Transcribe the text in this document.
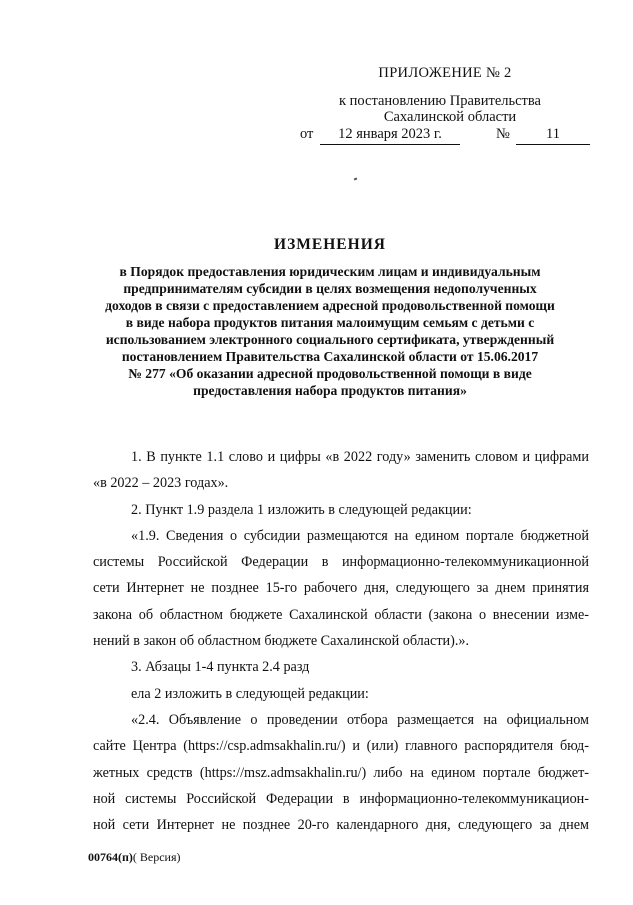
ПРИЛОЖЕНИЕ № 2
к постановлению Правительства
Сахалинской области
от	12 января 2023 г.	№	11
ИЗМЕНЕНИЯ
в Порядок предоставления юридическим лицам и индивидуальным
предпринимателям субсидии в целях возмещения недополученных
доходов в связи с предоставлением адресной продовольственной помощи
в виде набора продуктов питания малоимущим семьям с детьми с
использованием электронного социального сертификата, утвержденный
постановлением Правительства Сахалинской области от 15.06.2017
№ 277 «Об оказании адресной продовольственной помощи в виде
предоставления набора продуктов питания»

1. В пункте 1.1 слово и цифры «в 2022 году» заменить словом и цифрами

«в 2022 – 2023 годах».

2. Пункт 1.9 раздела 1 изложить в следующей редакции:

«1.9. Сведения о субсидии размещаются на едином портале бюджетной

системы Российской Федерации в информационно-телекоммуникационной

сети Интернет не позднее 15-го рабочего дня, следующего за днем принятия

закона об областном бюджете Сахалинской области (закона о внесении изме-

нений в закон об областном бюджете Сахалинской области).».

3. Абзацы 1-4 пункта 2.4 разд

ела 2 изложить в следующей редакции:

«2.4. Объявление о проведении отбора размещается на официальном

сайте Центра (https://csp.admsakhalin.ru/) и (или) главного распорядителя бюд-

жетных средств (https://msz.admsakhalin.ru/) либо на едином портале бюджет-

ной системы Российской Федерации в информационно-телекоммуникацион-

ной сети Интернет не позднее 20-го календарного дня, следующего за днем

00764(п)( Версия)
